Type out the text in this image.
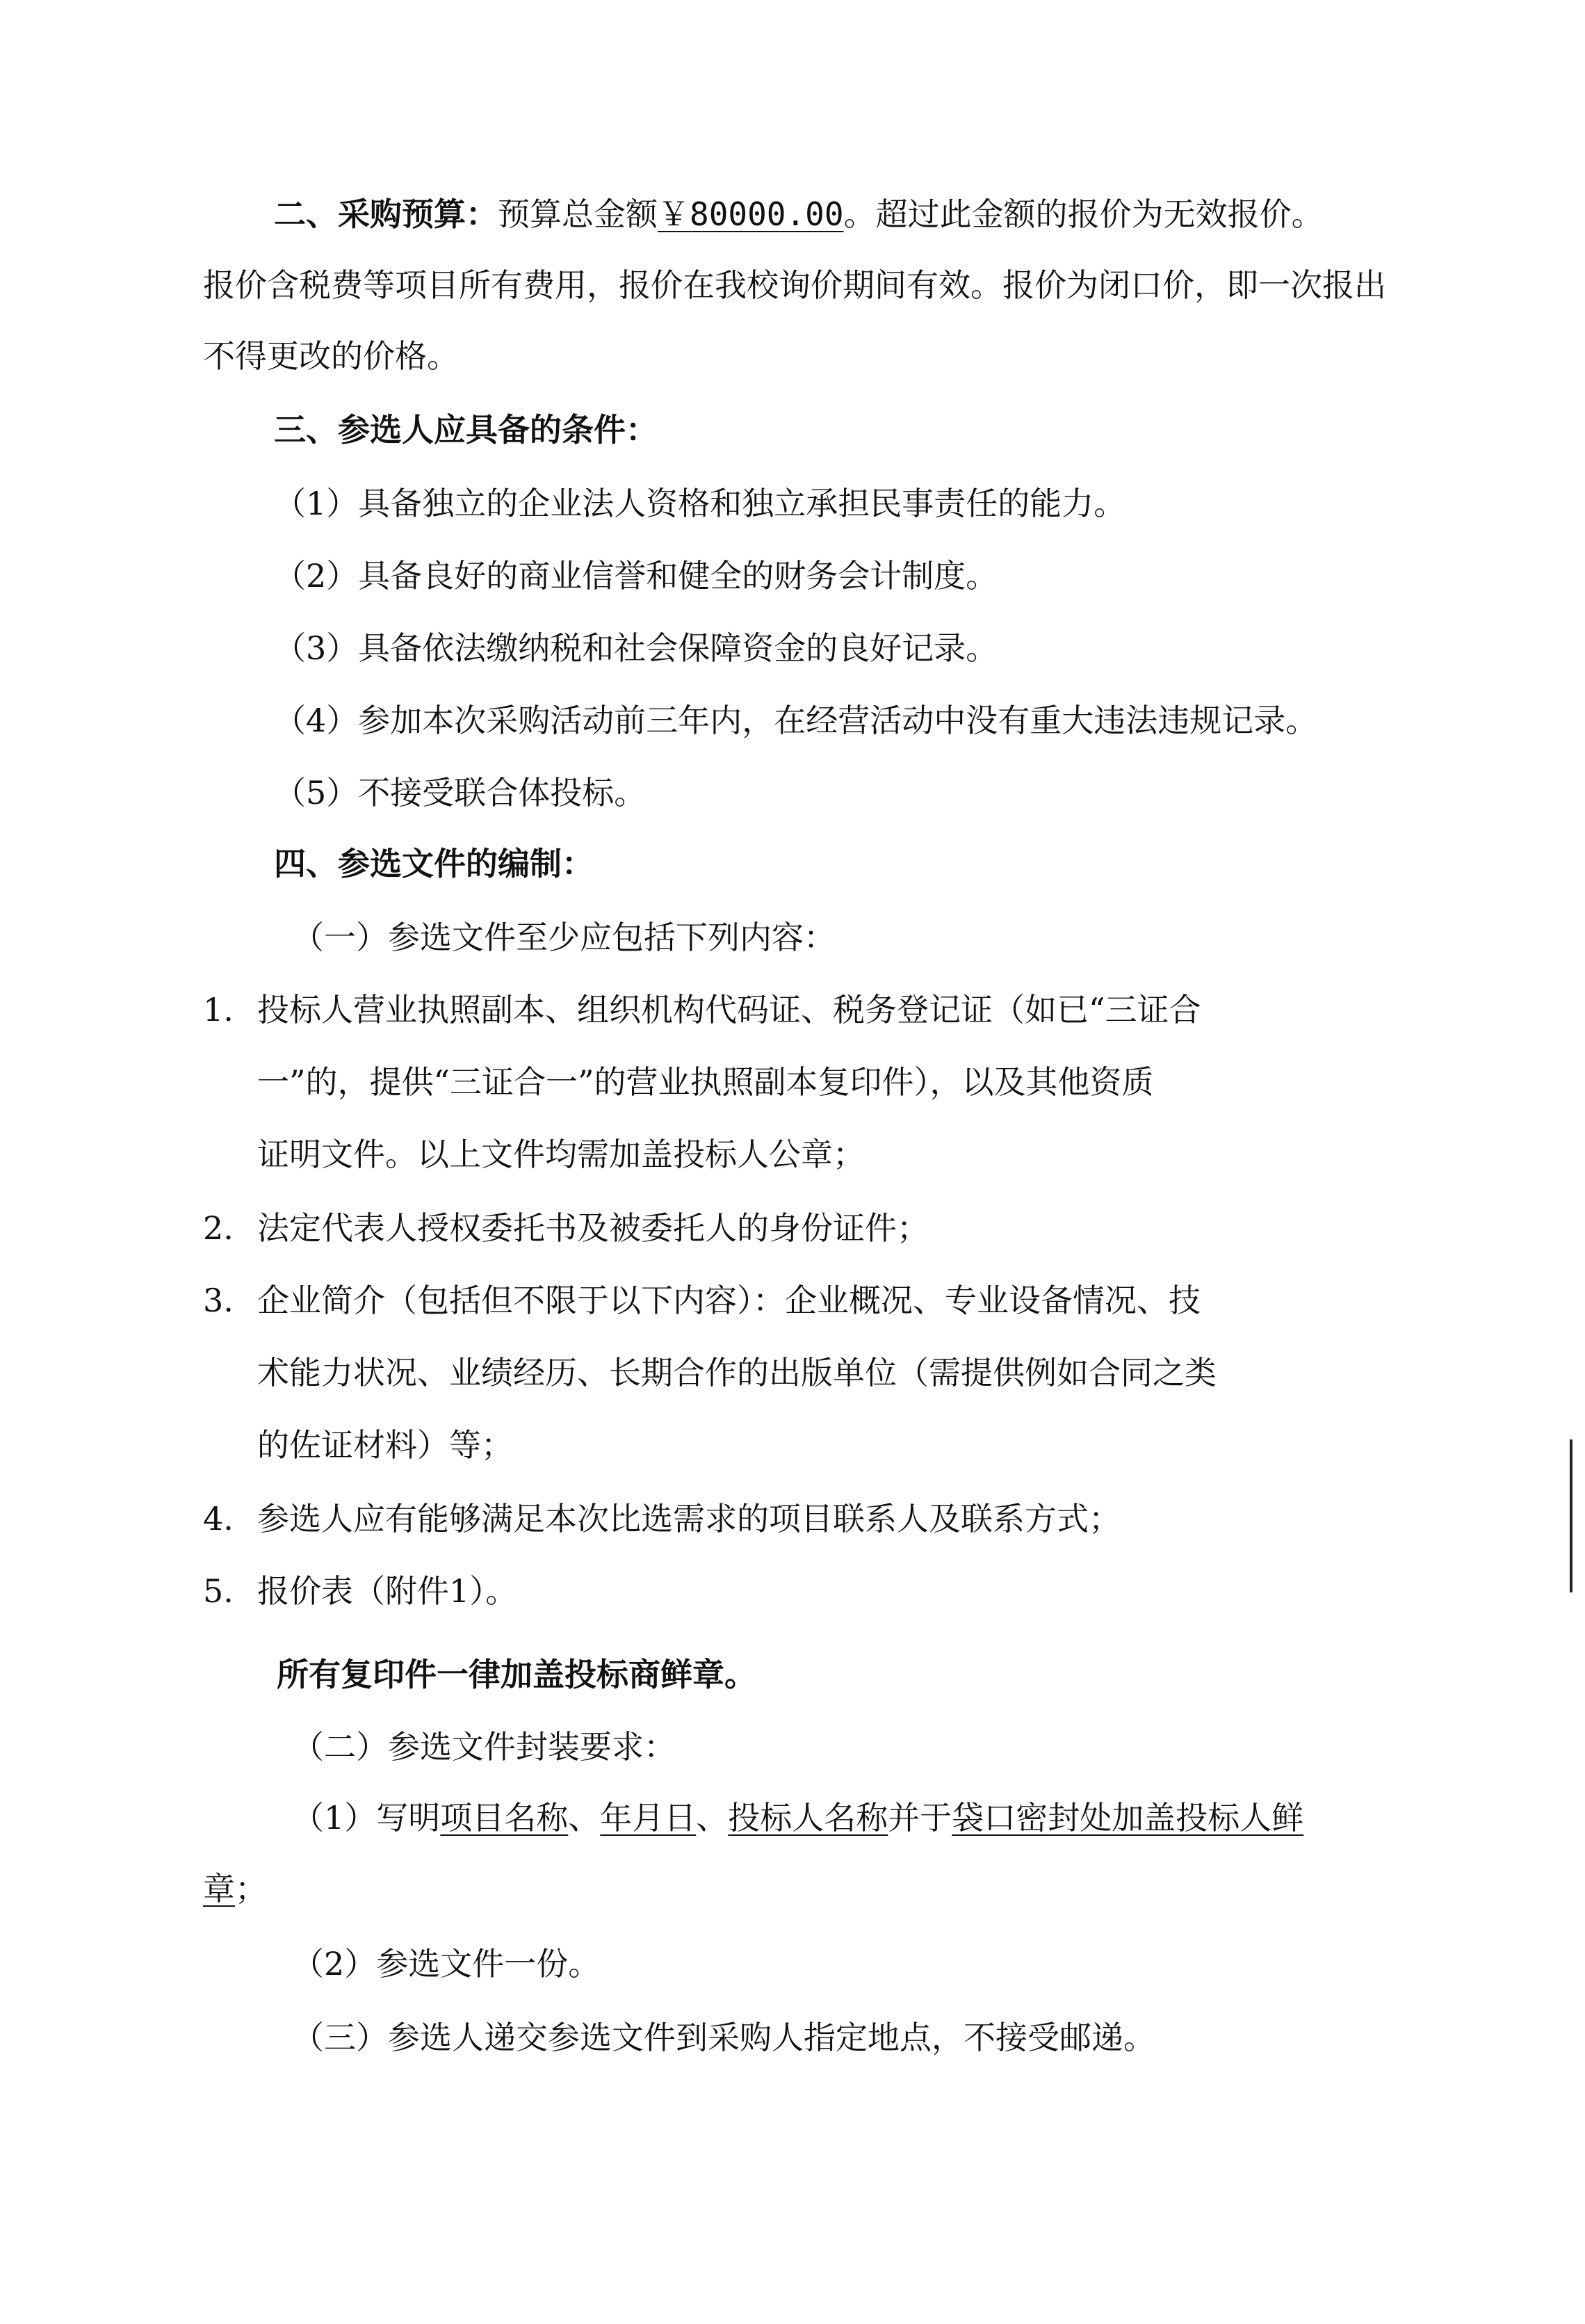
二、采购预算：预算总金额￥80000.00。超过此金额的报价为无效报价。
报价含税费等项目所有费用，报价在我校询价期间有效。报价为闭口价，即一次报出
不得更改的价格。
三、参选人应具备的条件：
（1）具备独立的企业法人资格和独立承担民事责任的能力。
（2）具备良好的商业信誉和健全的财务会计制度。
（3）具备依法缴纳税和社会保障资金的良好记录。
（4）参加本次采购活动前三年内，在经营活动中没有重大违法违规记录。
（5）不接受联合体投标。
四、参选文件的编制：
（一）参选文件至少应包括下列内容：
1. 投标人营业执照副本、组织机构代码证、税务登记证（如已“三证合
一”的，提供“三证合一”的营业执照副本复印件），以及其他资质
证明文件。以上文件均需加盖投标人公章；
2. 法定代表人授权委托书及被委托人的身份证件；
3. 企业简介（包括但不限于以下内容）：企业概况、专业设备情况、技
术能力状况、业绩经历、长期合作的出版单位（需提供例如合同之类
的佐证材料）等；
4. 参选人应有能够满足本次比选需求的项目联系人及联系方式；
5. 报价表（附件1）。
所有复印件一律加盖投标商鲜章。
（二）参选文件封装要求：
（1）写明项目名称、年月日、投标人名称并于袋口密封处加盖投标人鲜
章；
（2）参选文件一份。
（三）参选人递交参选文件到采购人指定地点，不接受邮递。
